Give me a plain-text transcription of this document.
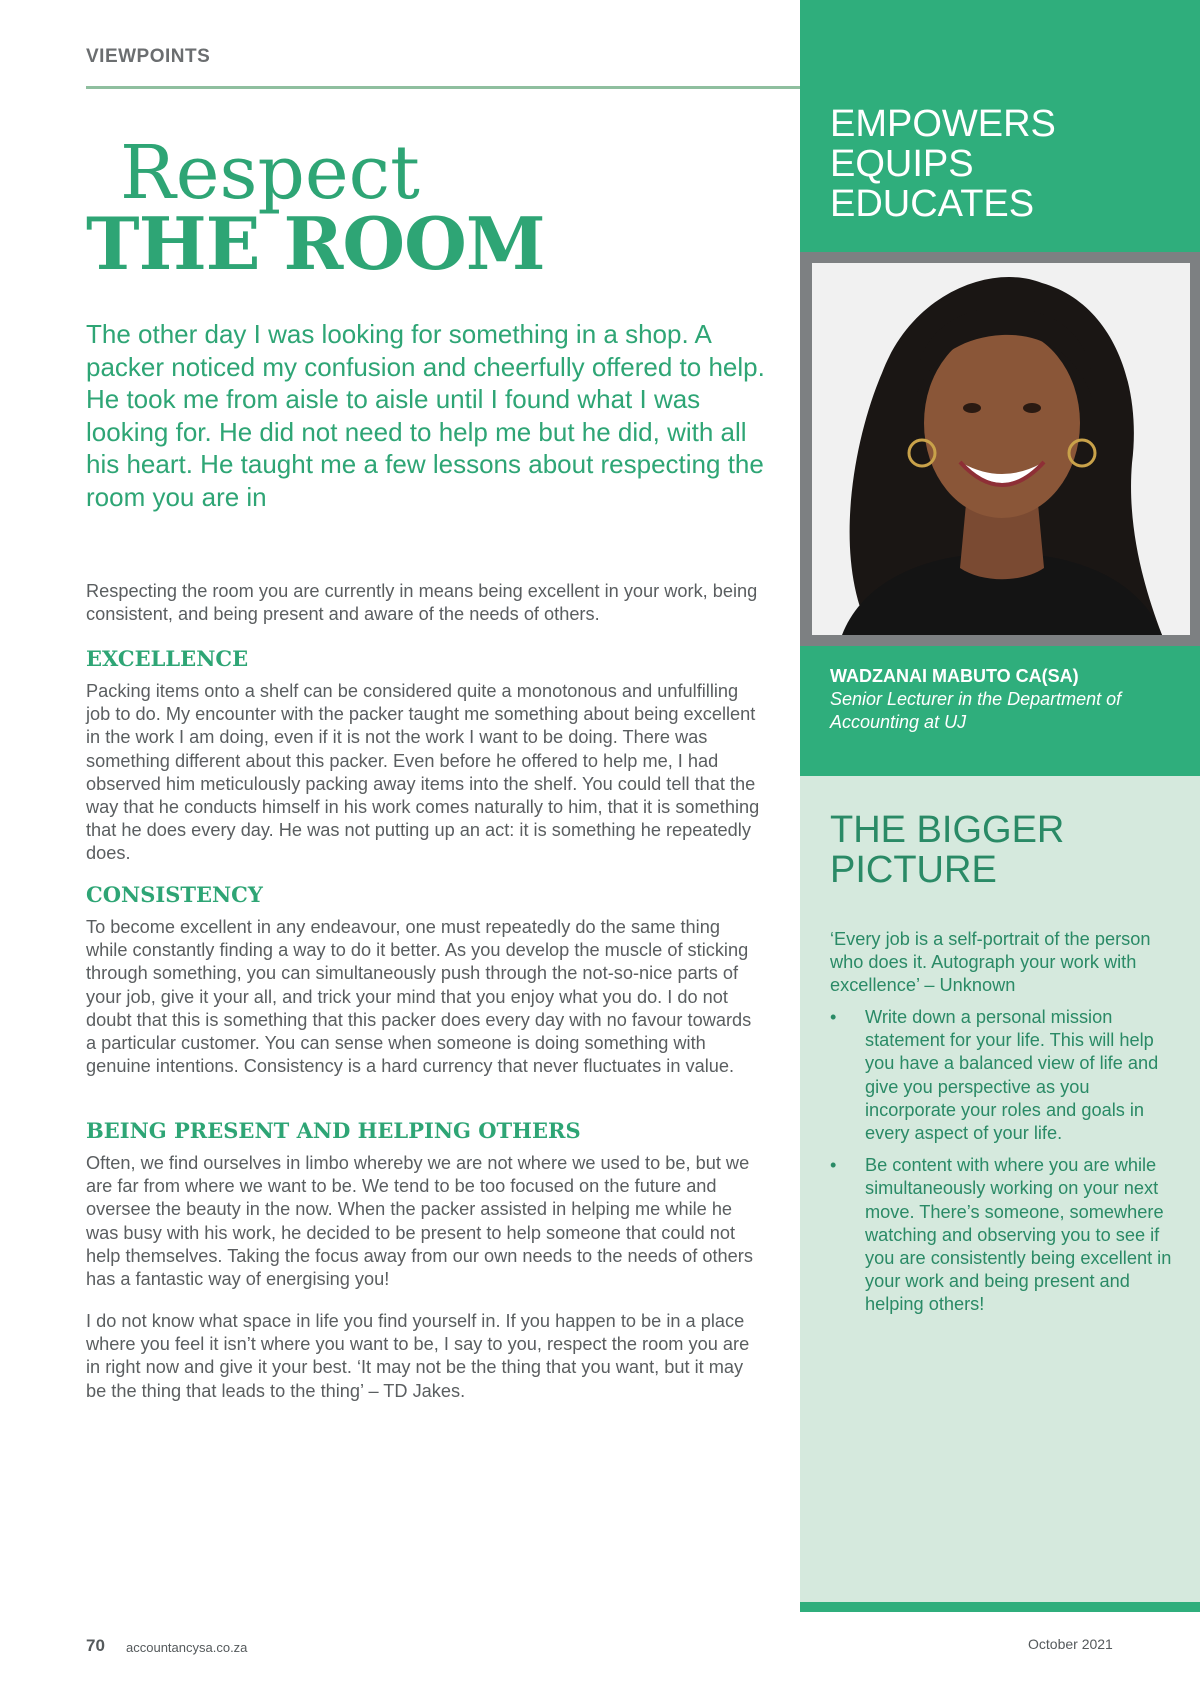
VIEWPOINTS
Respect
THE ROOM
The other day I was looking for something in a shop. A packer noticed my confusion and cheerfully offered to help. He took me from aisle to aisle until I found what I was looking for. He did not need to help me but he did, with all his heart. He taught me a few lessons about respecting the room you are in

Respecting the room you are currently in means being excellent in your work, being consistent, and being present and aware of the needs of others.

EXCELLENCE

Packing items onto a shelf can be considered quite a monotonous and unfulfilling job to do. My encounter with the packer taught me something about being excellent in the work I am doing, even if it is not the work I want to be doing. There was something different about this packer. Even before he offered to help me, I had observed him meticulously packing away items into the shelf. You could tell that the way that he conducts himself in his work comes naturally to him, that it is something that he does every day. He was not putting up an act: it is something he repeatedly does.

CONSISTENCY

To become excellent in any endeavour, one must repeatedly do the same thing while constantly finding a way to do it better. As you develop the muscle of sticking through something, you can simultaneously push through the not-so-nice parts of your job, give it your all, and trick your mind that you enjoy what you do. I do not doubt that this is something that this packer does every day with no favour towards a particular customer. You can sense when someone is doing something with genuine intentions. Consistency is a hard currency that never fluctuates in value.

BEING PRESENT AND HELPING OTHERS

Often, we find ourselves in limbo whereby we are not where we used to be, but we are far from where we want to be. We tend to be too focused on the future and oversee the beauty in the now. When the packer assisted in helping me while he was busy with his work, he decided to be present to help someone that could not help themselves. Taking the focus away from our own needs to the needs of others has a fantastic way of energising you!

I do not know what space in life you find yourself in. If you happen to be in a place where you feel it isn’t where you want to be, I say to you, respect the room you are in right now and give it your best. ‘It may not be the thing that you want, but it may be the thing that leads to the thing’ – TD Jakes.

EMPOWERS
EQUIPS
EDUCATES
WADZANAI MABUTO CA(SA)
Senior Lecturer in the Department of Accounting at UJ
THE BIGGER PICTURE
‘Every job is a self-portrait of the person who does it. Autograph your work with excellence’ – Unknown
• Write down a personal mission statement for your life. This will help you have a balanced view of life and give you perspective as you incorporate your roles and goals in every aspect of your life.
• Be content with where you are while simultaneously working on your next move. There’s someone, somewhere watching and observing you to see if you are consistently being excellent in your work and being present and helping others!
70 accountancysa.co.za	October 2021
